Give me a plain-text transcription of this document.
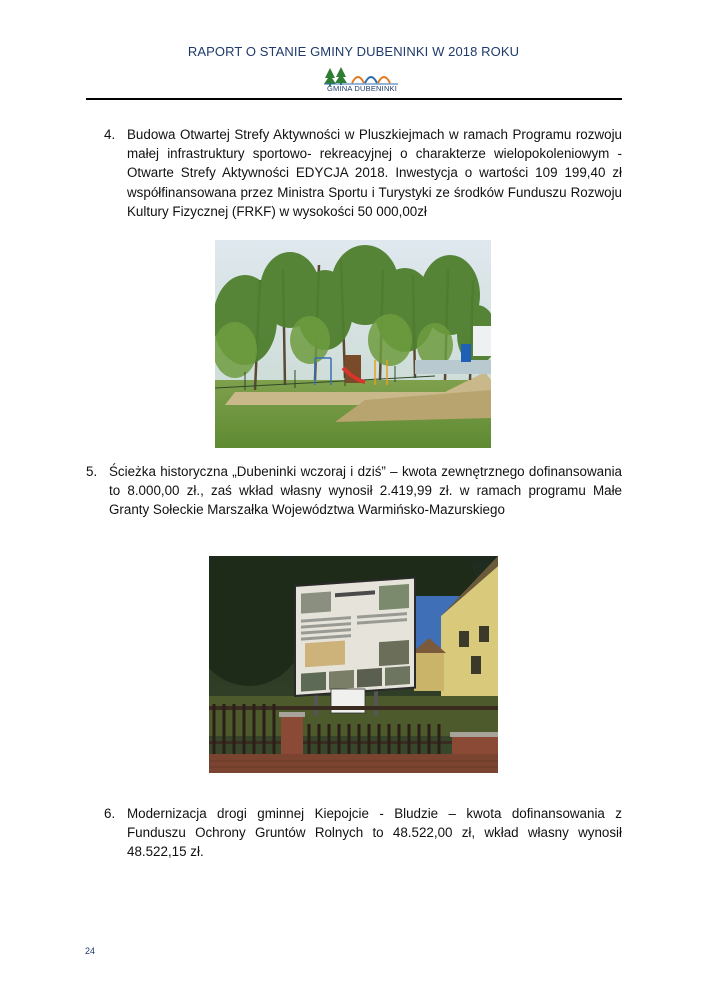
RAPORT O STANIE GMINY DUBENINKI W 2018 ROKU
GMINA DUBENINKI
4. Budowa Otwartej Strefy Aktywności w Pluszkiejmach w ramach Programu rozwoju małej infrastruktury sportowo- rekreacyjnej o charakterze wielopokoleniowym - Otwarte Strefy Aktywności EDYCJA 2018. Inwestycja o wartości 109 199,40 zł współfinansowana przez Ministra Sportu i Turystyki ze środków Funduszu Rozwoju Kultury Fizycznej (FRKF) w wysokości 50 000,00zł
5. Ścieżka historyczna „Dubeninki wczoraj i dziś” – kwota zewnętrznego dofinansowania to 8.000,00 zł., zaś wkład własny wynosił 2.419,99 zł. w ramach programu Małe Granty Sołeckie Marszałka Województwa Warmińsko-Mazurskiego
6. Modernizacja drogi gminnej Kiepojcie - Bludzie – kwota dofinansowania z Funduszu Ochrony Gruntów Rolnych to 48.522,00 zł, wkład własny wynosił 48.522,15 zł.
24
